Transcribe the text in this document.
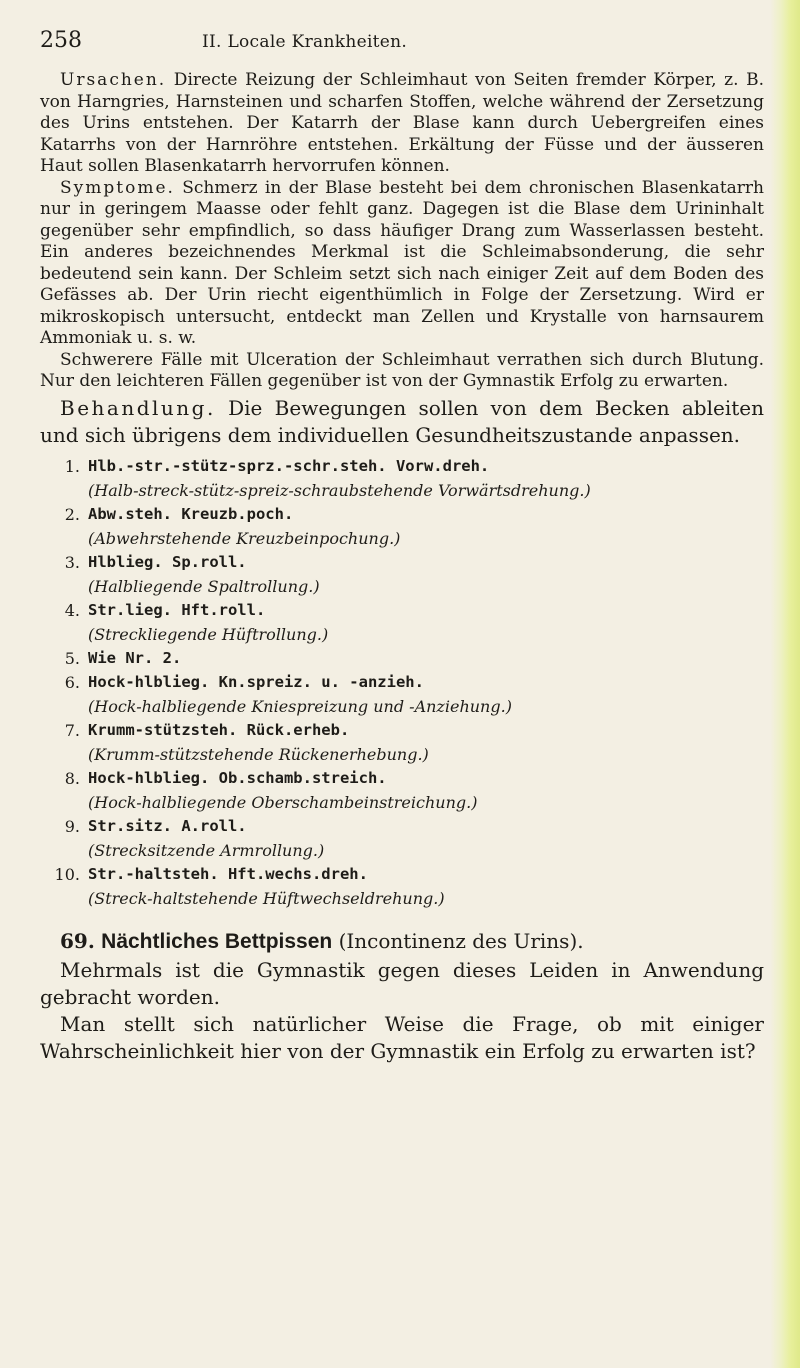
258	II. Locale Krankheiten.

Ursachen. Directe Reizung der Schleimhaut von Seiten fremder Körper, z. B. von Harngries, Harnsteinen und scharfen Stoffen, welche während der Zersetzung des Urins entstehen. Der Katarrh der Blase kann durch Uebergreifen eines Katarrhs von der Harnröhre entstehen. Erkältung der Füsse und der äusseren Haut sollen Blasenkatarrh hervorrufen können.

Symptome. Schmerz in der Blase besteht bei dem chronischen Blasenkatarrh nur in geringem Maasse oder fehlt ganz. Dagegen ist die Blase dem Urininhalt gegenüber sehr empfindlich, so dass häufiger Drang zum Wasserlassen besteht. Ein anderes bezeichnendes Merkmal ist die Schleimabsonderung, die sehr bedeutend sein kann. Der Schleim setzt sich nach einiger Zeit auf dem Boden des Gefässes ab. Der Urin riecht eigenthümlich in Folge der Zersetzung. Wird er mikroskopisch untersucht, entdeckt man Zellen und Krystalle von harnsaurem Ammoniak u. s. w.

Schwerere Fälle mit Ulceration der Schleimhaut verrathen sich durch Blutung. Nur den leichteren Fällen gegenüber ist von der Gymnastik Erfolg zu erwarten.

Behandlung. Die Bewegungen sollen von dem Becken ableiten und sich übrigens dem individuellen Gesundheitszustande anpassen.

1. Hlb.-str.-stütz-sprz.-schr.steh. Vorw.dreh.
(Halb-streck-stütz-spreiz-schraubstehende Vorwärtsdrehung.)
2. Abw.steh. Kreuzb.poch.
(Abwehrstehende Kreuzbeinpochung.)
3. Hlblieg. Sp.roll.
(Halbliegende Spaltrollung.)
4. Str.lieg. Hft.roll.
(Streckliegende Hüftrollung.)
5. Wie Nr. 2.
6. Hock-hlblieg. Kn.spreiz. u. -anzieh.
(Hock-halbliegende Kniespreizung und -Anziehung.)
7. Krumm-stützsteh. Rück.erheb.
(Krumm-stützstehende Rückenerhebung.)
8. Hock-hlblieg. Ob.schamb.streich.
(Hock-halbliegende Oberschambeinstreichung.)
9. Str.sitz. A.roll.
(Strecksitzende Armrollung.)
10. Str.-haltsteh. Hft.wechs.dreh.
(Streck-haltstehende Hüftwechseldrehung.)

69. Nächtliches Bettpissen (Incontinenz des Urins).

Mehrmals ist die Gymnastik gegen dieses Leiden in Anwendung gebracht worden.

Man stellt sich natürlicher Weise die Frage, ob mit einiger Wahrscheinlichkeit hier von der Gymnastik ein Erfolg zu erwarten ist?
